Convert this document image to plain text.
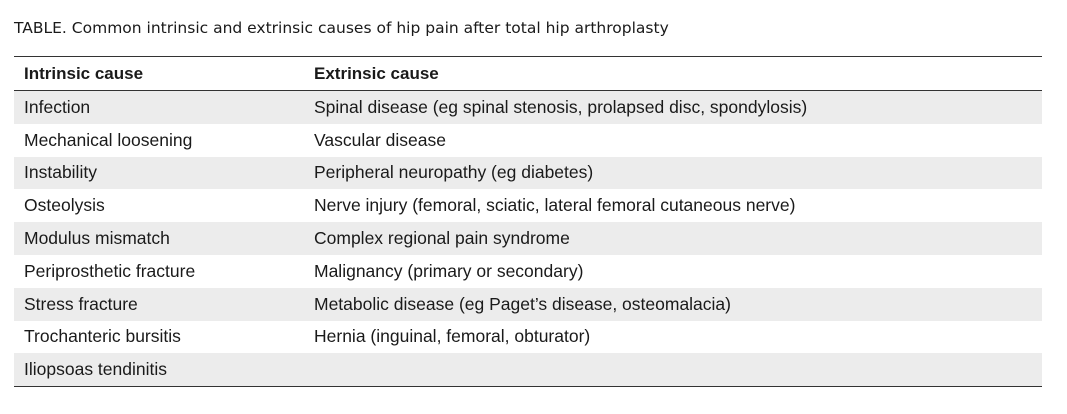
TABLE. Common intrinsic and extrinsic causes of hip pain after total hip arthroplasty
Intrinsic cause	Extrinsic cause
Infection	Spinal disease (eg spinal stenosis, prolapsed disc, spondylosis)
Mechanical loosening	Vascular disease
Instability	Peripheral neuropathy (eg diabetes)
Osteolysis	Nerve injury (femoral, sciatic, lateral femoral cutaneous nerve)
Modulus mismatch	Complex regional pain syndrome
Periprosthetic fracture	Malignancy (primary or secondary)
Stress fracture	Metabolic disease (eg Paget’s disease, osteomalacia)
Trochanteric bursitis	Hernia (inguinal, femoral, obturator)
Iliopsoas tendinitis	
